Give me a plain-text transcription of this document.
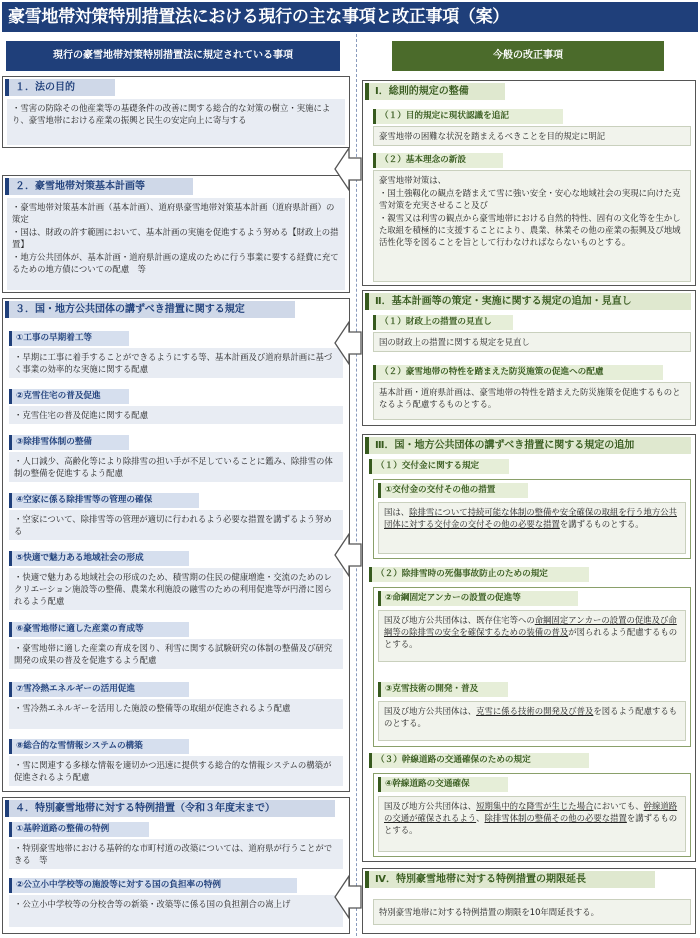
豪雪地帯対策特別措置法における現行の主な事項と改正事項（案）
現行の豪雪地帯対策特別措置法に規定されている事項	今般の改正事項
１．法の目的
・雪害の防除その他産業等の基礎条件の改善に関する総合的な対策の樹立・実施により、豪雪地帯における産業の振興と民生の安定向上に寄与する
２．豪雪地帯対策基本計画等
・豪雪地帯対策基本計画（基本計画）、道府県豪雪地帯対策基本計画（道府県計画）の策定
・国は、財政の許す範囲において、基本計画の実施を促進するよう努める【財政上の措置】
・地方公共団体が、基本計画・道府県計画の達成のために行う事業に要する経費に充てるための地方債についての配慮　等
３．国・地方公共団体の講ずべき措置に関する規定
①工事の早期着工等
・早期に工事に着手することができるようにする等、基本計画及び道府県計画に基づく事業の効率的な実施に関する配慮
②克雪住宅の普及促進
・克雪住宅の普及促進に関する配慮
③除排雪体制の整備
・人口減少、高齢化等により除排雪の担い手が不足していることに鑑み、除排雪の体制の整備を促進するよう配慮
④空家に係る除排雪等の管理の確保
・空家について、除排雪等の管理が適切に行われるよう必要な措置を講ずるよう努める
⑤快適で魅力ある地域社会の形成
・快適で魅力ある地域社会の形成のため、積雪期の住民の健康増進・交流のためのレクリエーション施設等の整備、農業水利施設の融雪のための利用促進等が円滑に図られるよう配慮
⑥豪雪地帯に適した産業の育成等
・豪雪地帯に適した産業の育成を図り、利雪に関する試験研究の体制の整備及び研究開発の成果の普及を促進するよう配慮
⑦雪冷熱エネルギーの活用促進
・雪冷熱エネルギーを活用した施設の整備等の取組が促進されるよう配慮
⑧総合的な雪情報システムの構築
・雪に関連する多様な情報を適切かつ迅速に提供する総合的な情報システムの構築が促進されるよう配慮
４．特別豪雪地帯に対する特例措置（令和３年度末まで）
①基幹道路の整備の特例
・特別豪雪地帯における基幹的な市町村道の改築については、道府県が行うことができる　等
②公立小中学校等の施設等に対する国の負担率の特例
・公立小中学校等の分校舎等の新築・改築等に係る国の負担割合の嵩上げ
Ⅰ．総則的規定の整備
（１）目的規定に現状認識を追記
豪雪地帯の困難な状況を踏まえるべきことを目的規定に明記
（２）基本理念の新設
豪雪地帯対策は、
・国土強靱化の観点を踏まえて雪に強い安全・安心な地域社会の実現に向けた克雪対策を充実させること及び
・親雪又は利雪の観点から豪雪地帯における自然的特性、固有の文化等を生かした取組を積極的に支援することにより、農業、林業その他の産業の振興及び地域活性化等を図ることを旨として行わなければならないものとする。
Ⅱ．基本計画等の策定・実施に関する規定の追加・見直し
（１）財政上の措置の見直し
国の財政上の措置に関する規定を見直し
（２）豪雪地帯の特性を踏まえた防災施策の促進への配慮
基本計画・道府県計画は、豪雪地帯の特性を踏まえた防災施策を促進するものとなるよう配慮するものとする。
Ⅲ．国・地方公共団体の講ずべき措置に関する規定の追加
（１）交付金に関する規定
①交付金の交付その他の措置
国は、除排雪について持続可能な体制の整備や安全確保の取組を行う地方公共団体に対する交付金の交付その他の必要な措置を講ずるものとする。
（２）除排雪時の死傷事故防止のための規定
②命綱固定アンカーの設置の促進等
国及び地方公共団体は、既存住宅等への命綱固定アンカーの設置の促進及び命綱等の除排雪の安全を確保するための装備の普及が図られるよう配慮するものとする。
③克雪技術の開発・普及
国及び地方公共団体は、克雪に係る技術の開発及び普及を図るよう配慮するものとする。
（３）幹線道路の交通確保のための規定
④幹線道路の交通確保
国及び地方公共団体は、短期集中的な降雪が生じた場合においても、幹線道路の交通が確保されるよう、除排雪体制の整備その他の必要な措置を講ずるものとする。
Ⅳ．特別豪雪地帯に対する特例措置の期限延長
特別豪雪地帯に対する特例措置の期限を10年間延長する。
